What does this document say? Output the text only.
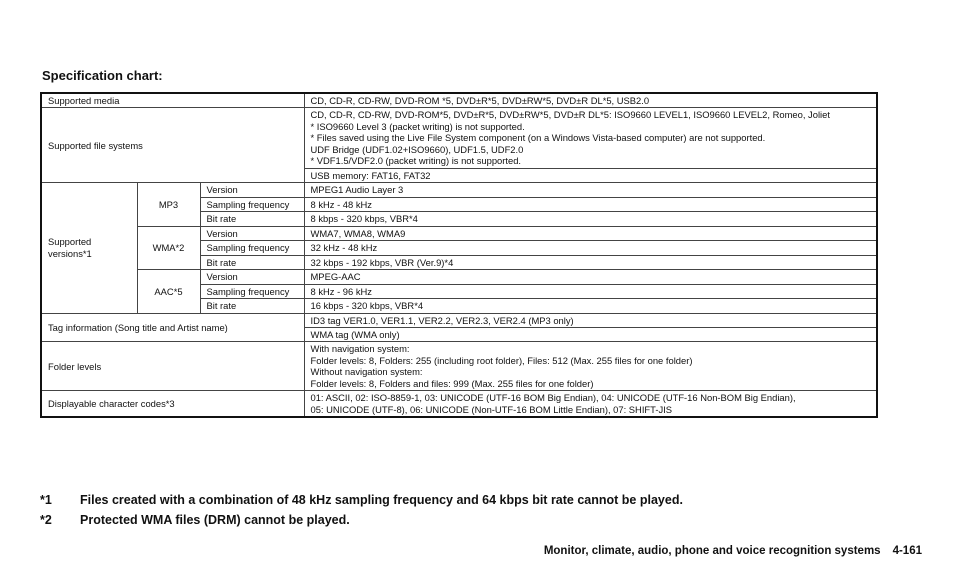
Specification chart:
Supported media			CD, CD-R, CD-RW, DVD-ROM *5, DVD±R*5, DVD±RW*5, DVD±R DL*5, USB2.0
Supported file systems			CD, CD-R, CD-RW, DVD-ROM*5, DVD±R*5, DVD±RW*5, DVD±R DL*5: ISO9660 LEVEL1, ISO9660 LEVEL2, Romeo, Joliet
* ISO9660 Level 3 (packet writing) is not supported.
* Files saved using the Live File System component (on a Windows Vista-based computer) are not supported.
UDF Bridge (UDF1.02+ISO9660), UDF1.5, UDF2.0
* VDF1.5/VDF2.0 (packet writing) is not supported.

			USB memory: FAT16, FAT32
Supported versions*1	MP3	Version	MPEG1 Audio Layer 3
		Sampling frequency	8 kHz - 48 kHz
		Bit rate	8 kbps - 320 kbps, VBR*4
	WMA*2	Version	WMA7, WMA8, WMA9
		Sampling frequency	32 kHz - 48 kHz
		Bit rate	32 kbps - 192 kbps, VBR (Ver.9)*4
	AAC*5	Version	MPEG-AAC
		Sampling frequency	8 kHz - 96 kHz
		Bit rate	16 kbps - 320 kbps, VBR*4
Tag information (Song title and Artist name)			ID3 tag VER1.0, VER1.1, VER2.2, VER2.3, VER2.4 (MP3 only)
			WMA tag (WMA only)
Folder levels			With navigation system:
Folder levels: 8, Folders: 255 (including root folder), Files: 512 (Max. 255 files for one folder)
Without navigation system:
Folder levels: 8, Folders and files: 999 (Max. 255 files for one folder)

Displayable character codes*3			01: ASCII, 02: ISO-8859-1, 03: UNICODE (UTF-16 BOM Big Endian), 04: UNICODE (UTF-16 Non-BOM Big Endian),
05: UNICODE (UTF-8), 06: UNICODE (Non-UTF-16 BOM Little Endian), 07: SHIFT-JIS
*1	Files created with a combination of 48 kHz sampling frequency and 64 kbps bit rate cannot be played.
*2	Protected WMA files (DRM) cannot be played.
Monitor, climate, audio, phone and voice recognition systems 4-161
